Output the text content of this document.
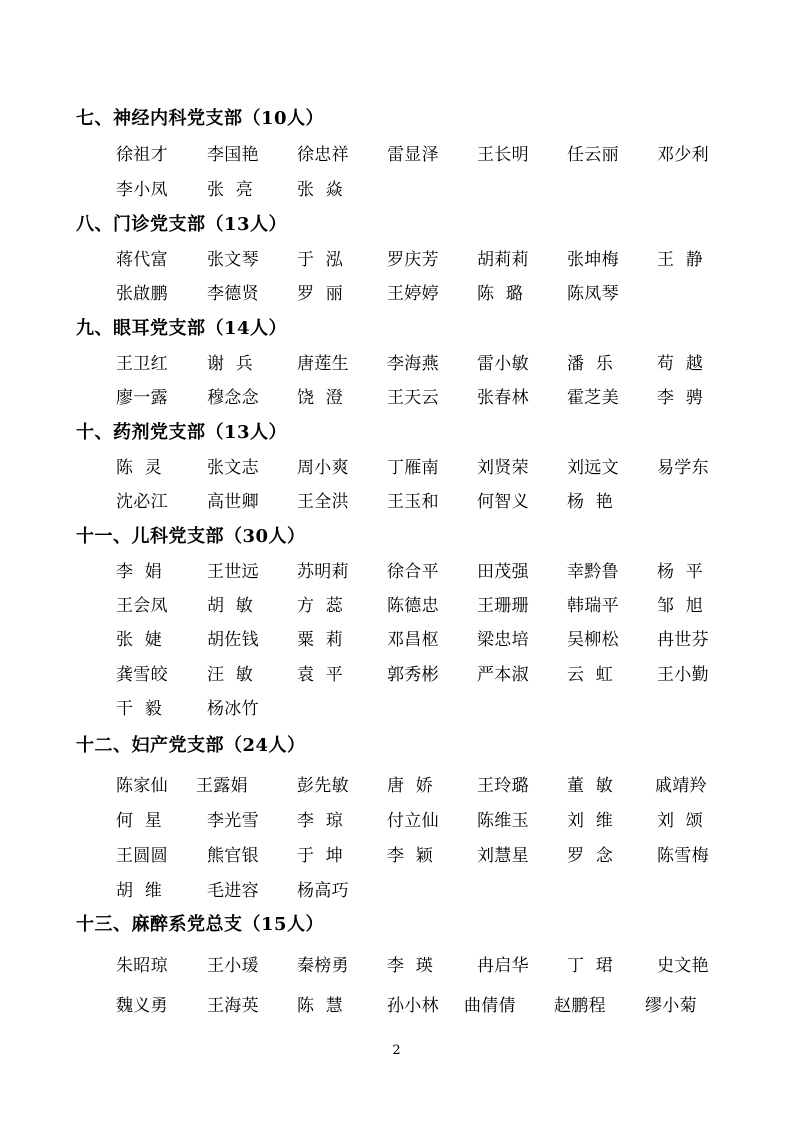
七、神经内科党支部（10人）
徐祖才 李国艳 徐忠祥 雷显泽 王长明 任云丽 邓少利
李小凤 张  亮	张  焱
八、门诊党支部（13人）
蒋代富 张文琴 于  泓	罗庆芳 胡莉莉 张坤梅 王  静
张啟鹏 李德贤 罗  丽	王婷婷 陈  璐	陈凤琴
九、眼耳党支部（14人）
王卫红 谢  兵	唐莲生 李海燕 雷小敏 潘  乐	苟  越
廖一露 穆念念 饶  澄	王天云 张春林 霍芝美 李  骋
十、药剂党支部（13人）
陈  灵	张文志 周小爽 丁雁南 刘贤荣 刘远文 易学东
沈必江 高世卿 王全洪 王玉和 何智义 杨  艳
十一、儿科党支部（30人）
李  娟	王世远 苏明莉 徐合平 田茂强 幸黔鲁 杨  平
王会凤 胡  敏	方  蕊	陈德忠 王珊珊 韩瑞平 邹  旭
张  婕	胡佐钱 粟  莉	邓昌枢 梁忠培 吴柳松 冉世芬
龚雪皎 汪  敏	袁  平	郭秀彬 严本淑 云  虹	王小勤
干  毅	杨冰竹
十二、妇产党支部（24人）
陈家仙 王露娟	彭先敏 唐  娇	王玲璐 董  敏 戚靖羚
何  星	李光雪 李  琼	付立仙 陈维玉 刘  维	刘  颂
王圆圆 熊官银 于  坤	李  颖	刘慧星 罗  念	陈雪梅
胡  维	毛进容 杨高巧
十三、麻醉系党总支（15人）
朱昭琼 王小瑗 秦榜勇 李  瑛	冉启华 丁  珺	史文艳
魏义勇 王海英 陈  慧	孙小林 曲倩倩 赵鹏程 缪小菊
2
